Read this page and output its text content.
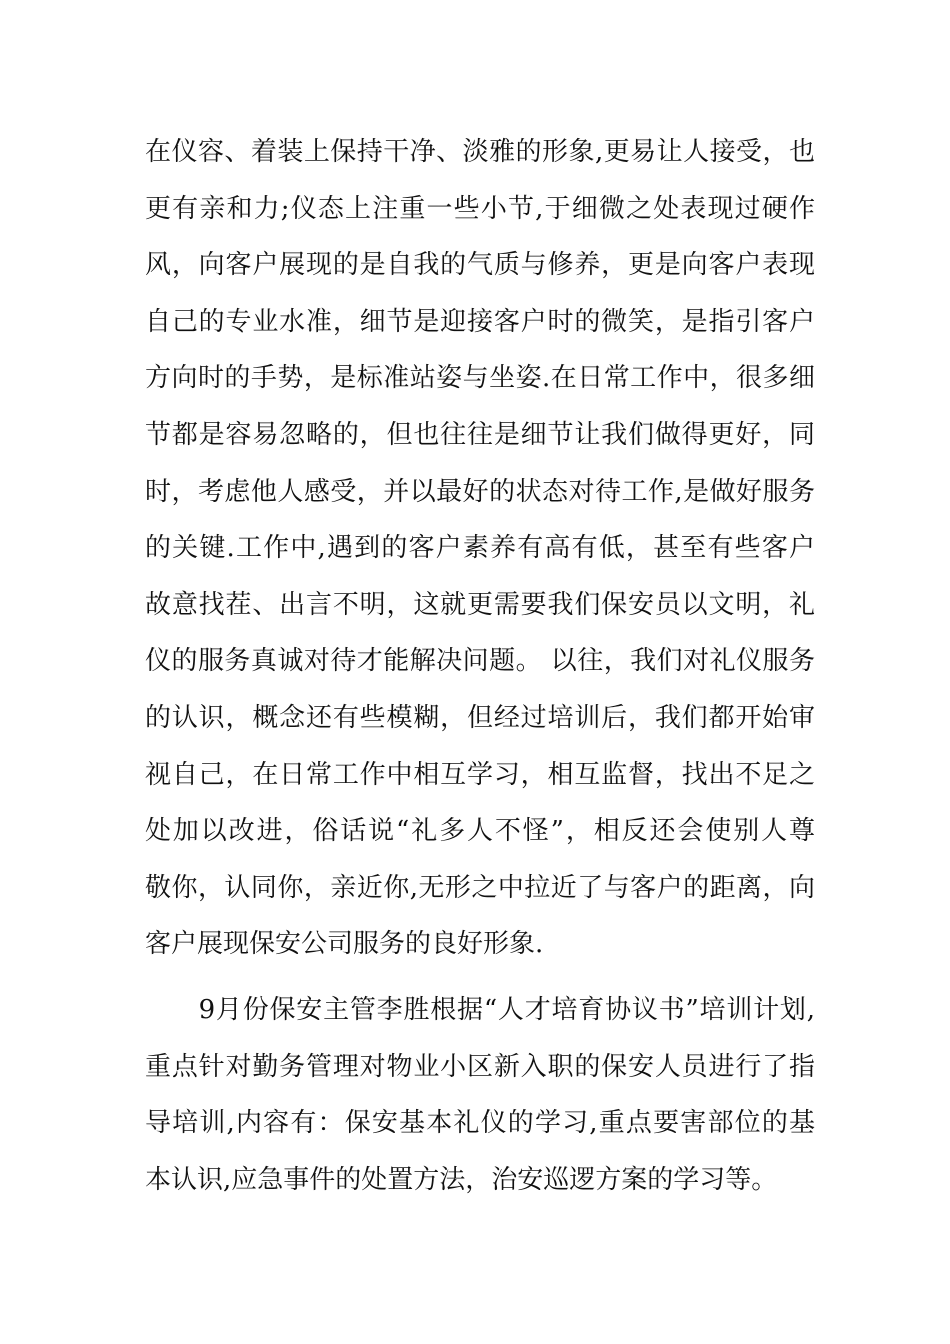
在仪容、着装上保持干净、淡雅的形象,更易让人接受，也
更有亲和力;仪态上注重一些小节,于细微之处表现过硬作
风，向客户展现的是自我的气质与修养，更是向客户表现
自己的专业水准，细节是迎接客户时的微笑，是指引客户
方向时的手势，是标准站姿与坐姿.在日常工作中，很多细
节都是容易忽略的，但也往往是细节让我们做得更好，同
时，考虑他人感受，并以最好的状态对待工作,是做好服务
的关键.工作中,遇到的客户素养有高有低，甚至有些客户
故意找茬、出言不明，这就更需要我们保安员以文明，礼
仪的服务真诚对待才能解决问题。 以往，我们对礼仪服务
的认识，概念还有些模糊，但经过培训后，我们都开始审
视自己，在日常工作中相互学习，相互监督，找出不足之
处加以改进，俗话说“礼多人不怪”，相反还会使别人尊
敬你，认同你，亲近你,无形之中拉近了与客户的距离，向
客户展现保安公司服务的良好形象.
　　9月份保安主管李胜根据“人才培育协议书”培训计划,
重点针对勤务管理对物业小区新入职的保安人员进行了指
导培训,内容有：保安基本礼仪的学习,重点要害部位的基
本认识,应急事件的处置方法，治安巡逻方案的学习等。
